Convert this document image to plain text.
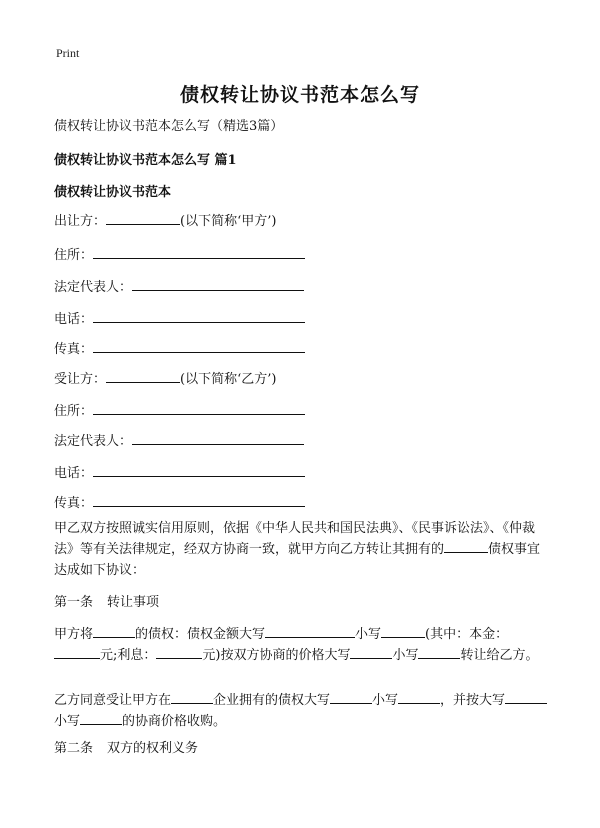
Print
债权转让协议书范本怎么写
债权转让协议书范本怎么写（精选3篇）
债权转让协议书范本怎么写 篇1
债权转让协议书范本
出让方：	(以下简称‘甲方’)
住所：
法定代表人：
电话：
传真：
受让方：	(以下简称‘乙方’)
住所：
法定代表人：
电话：
传真：
甲乙双方按照诚实信用原则，依据《中华人民共和国民法典》、《民事诉讼法》、《仲裁法》等有关法律规定，经双方协商一致，就甲方向乙方转让其拥有的	债权事宜达成如下协议：
第一条 转让事项
甲方将	的债权：债权金额大写	小写	(其中：本金：元;利息：	元)按双方协商的价格大写	小写	转让给乙方。
乙方同意受让甲方在	企业拥有的债权大写	小写	，并按大写小写	的协商价格收购。
第二条 双方的权利义务
